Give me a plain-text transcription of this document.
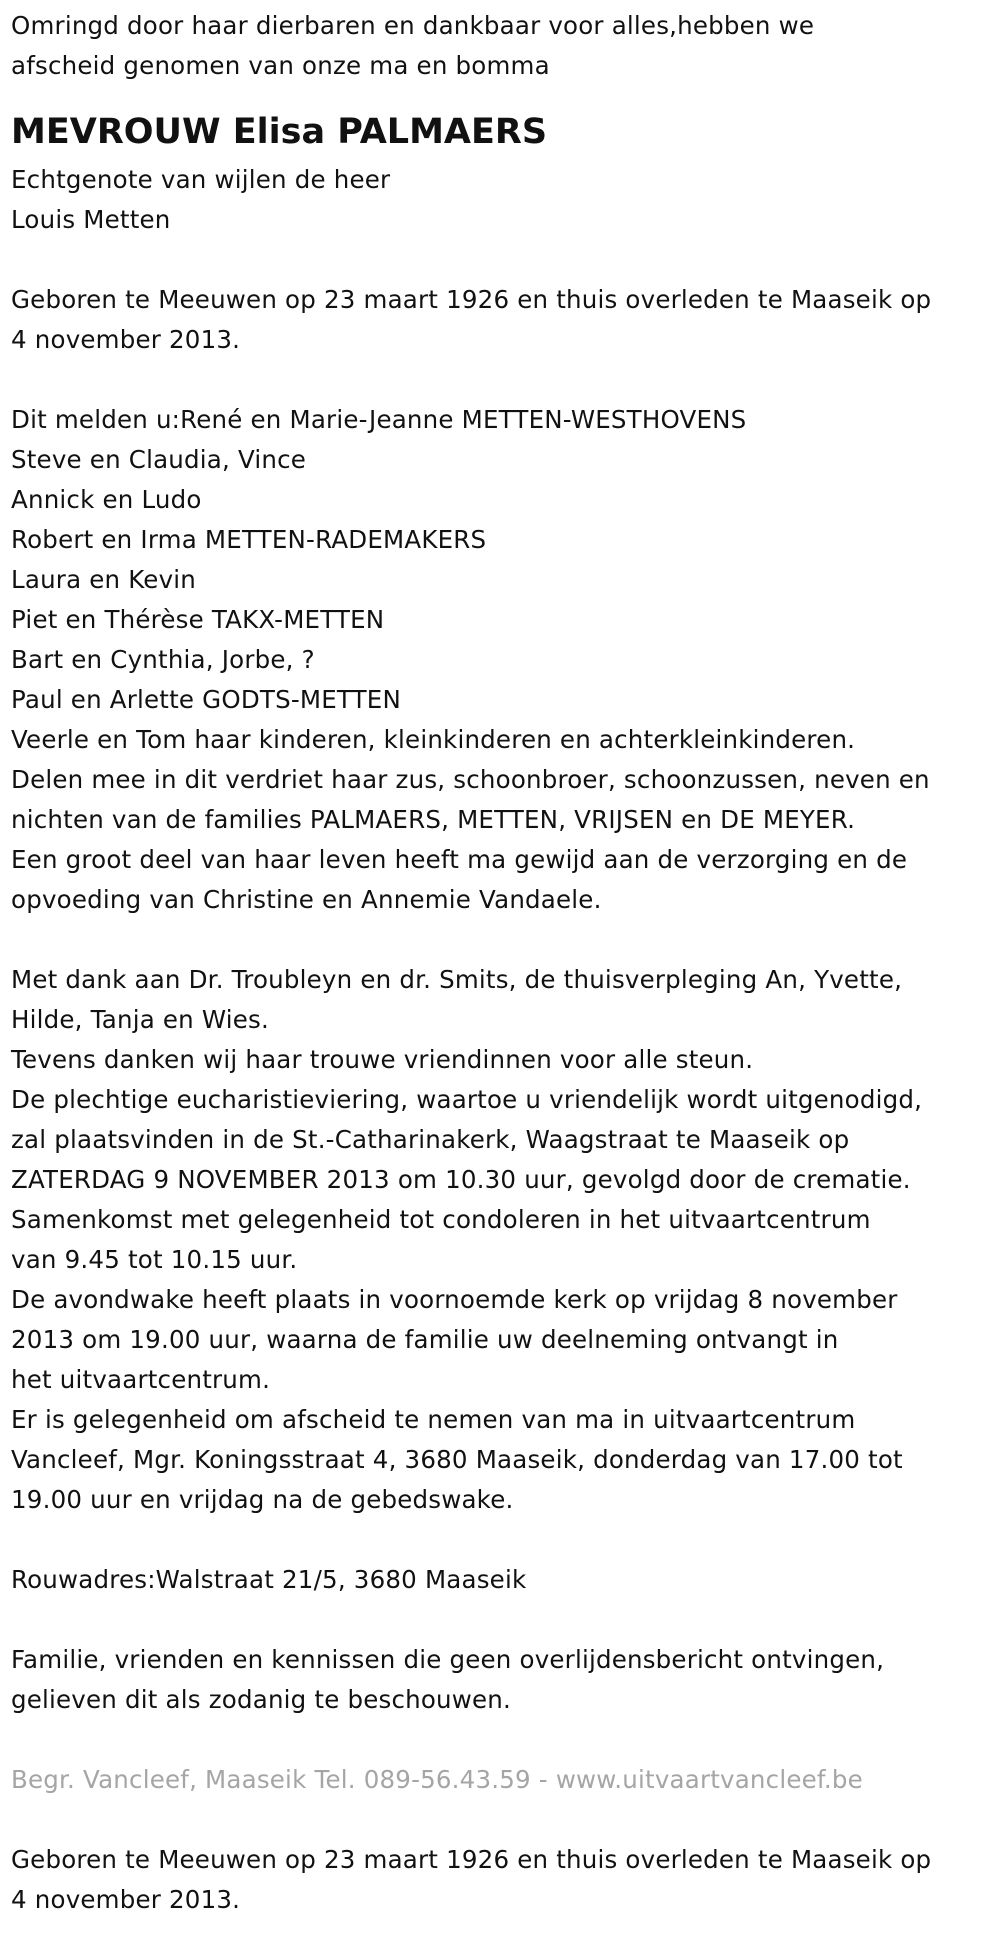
Omringd door haar dierbaren en dankbaar voor alles,hebben we
afscheid genomen van onze ma en bomma
MEVROUW Elisa PALMAERS
Echtgenote van wijlen de heer
Louis Metten
Geboren te Meeuwen op 23 maart 1926 en thuis overleden te Maaseik op
4 november 2013.
Dit melden u:René en Marie-Jeanne METTEN-WESTHOVENS
Steve en Claudia, Vince
Annick en Ludo
Robert en Irma METTEN-RADEMAKERS
Laura en Kevin
Piet en Thérèse TAKX-METTEN
Bart en Cynthia, Jorbe, ?
Paul en Arlette GODTS-METTEN
Veerle en Tom haar kinderen, kleinkinderen en achterkleinkinderen.
Delen mee in dit verdriet haar zus, schoonbroer, schoonzussen, neven en
nichten van de families PALMAERS, METTEN, VRIJSEN en DE MEYER.
Een groot deel van haar leven heeft ma gewijd aan de verzorging en de
opvoeding van Christine en Annemie Vandaele.
Met dank aan Dr. Troubleyn en dr. Smits, de thuisverpleging An, Yvette,
Hilde, Tanja en Wies.
Tevens danken wij haar trouwe vriendinnen voor alle steun.
De plechtige eucharistieviering, waartoe u vriendelijk wordt uitgenodigd,
zal plaatsvinden in de St.-Catharinakerk, Waagstraat te Maaseik op
ZATERDAG 9 NOVEMBER 2013 om 10.30 uur, gevolgd door de crematie.
Samenkomst met gelegenheid tot condoleren in het uitvaartcentrum
van 9.45 tot 10.15 uur.
De avondwake heeft plaats in voornoemde kerk op vrijdag 8 november
2013 om 19.00 uur, waarna de familie uw deelneming ontvangt in
het uitvaartcentrum.
Er is gelegenheid om afscheid te nemen van ma in uitvaartcentrum
Vancleef, Mgr. Koningsstraat 4, 3680 Maaseik, donderdag van 17.00 tot
19.00 uur en vrijdag na de gebedswake.
Rouwadres:Walstraat 21/5, 3680 Maaseik
Familie, vrienden en kennissen die geen overlijdensbericht ontvingen,
gelieven dit als zodanig te beschouwen.
Begr. Vancleef, Maaseik Tel. 089-56.43.59 - www.uitvaartvancleef.be
Geboren te Meeuwen op 23 maart 1926 en thuis overleden te Maaseik op
4 november 2013.
